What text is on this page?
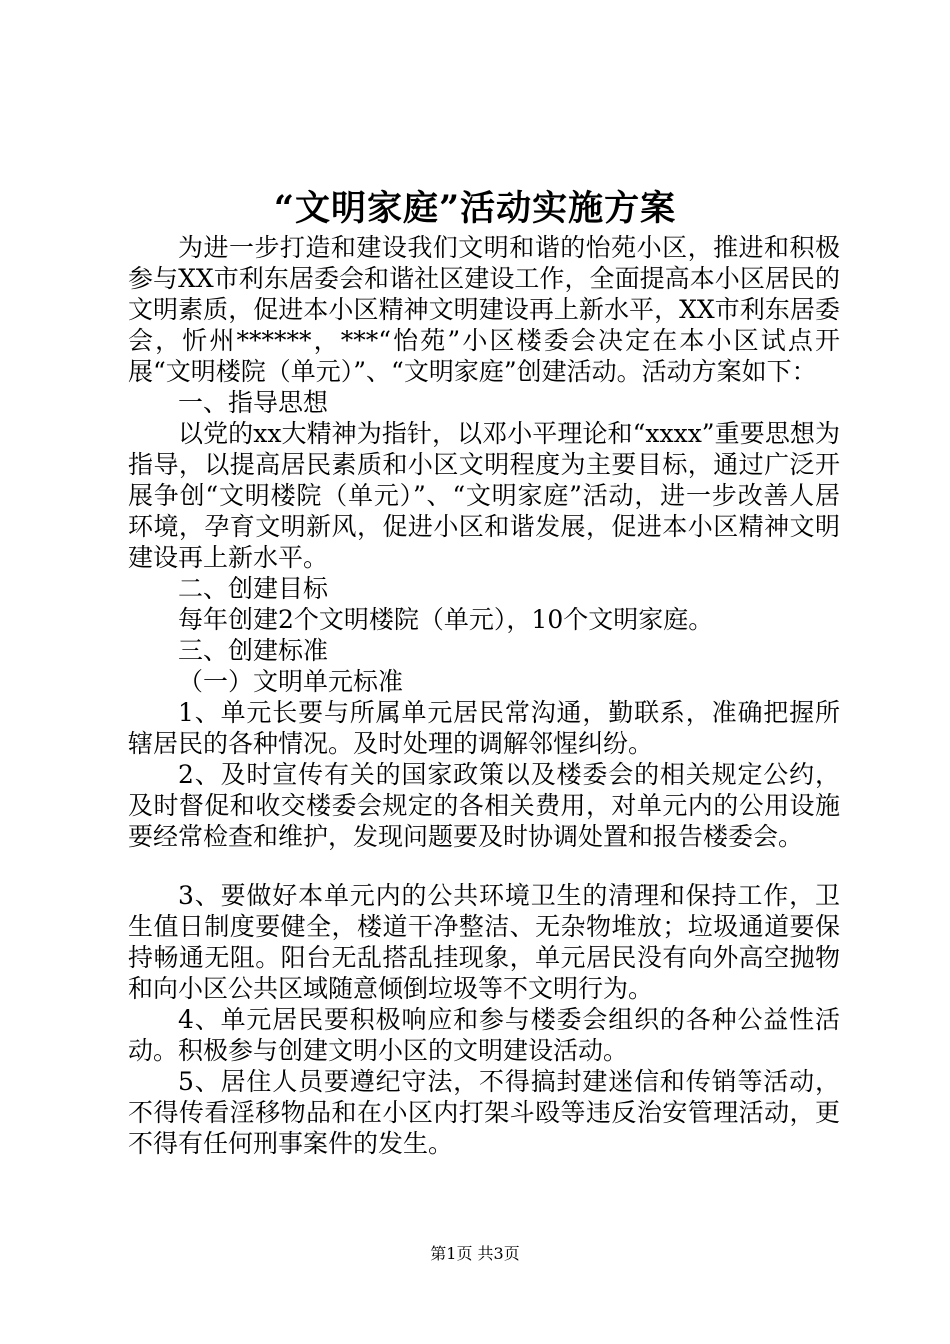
“文明家庭”活动实施方案

为进一步打造和建设我们文明和谐的怡苑小区，推进和积极参与XX市利东居委会和谐社区建设工作，全面提高本小区居民的文明素质，促进本小区精神文明建设再上新水平，XX市利东居委会，忻州******，***“怡苑”小区楼委会决定在本小区试点开展“文明楼院（单元）”、“文明家庭”创建活动。活动方案如下：

一、指导思想

以党的xx大精神为指针，以邓小平理论和“xxxx”重要思想为指导，以提高居民素质和小区文明程度为主要目标，通过广泛开展争创“文明楼院（单元）”、“文明家庭”活动，进一步改善人居环境，孕育文明新风，促进小区和谐发展，促进本小区精神文明建设再上新水平。

二、创建目标

每年创建2个文明楼院（单元），10个文明家庭。

三、创建标准

（一）文明单元标准

1、单元长要与所属单元居民常沟通，勤联系，准确把握所辖居民的各种情况。及时处理的调解邻惺纠纷。

2、及时宣传有关的国家政策以及楼委会的相关规定公约，及时督促和收交楼委会规定的各相关费用，对单元内的公用设施要经常检查和维护，发现问题要及时协调处置和报告楼委会。

3、要做好本单元内的公共环境卫生的清理和保持工作，卫生值日制度要健全，楼道干净整洁、无杂物堆放；垃圾通道要保持畅通无阻。阳台无乱搭乱挂现象，单元居民没有向外高空抛物和向小区公共区域随意倾倒垃圾等不文明行为。

4、单元居民要积极响应和参与楼委会组织的各种公益性活动。积极参与创建文明小区的文明建设活动。

5、居住人员要遵纪守法，不得搞封建迷信和传销等活动，不得传看淫移物品和在小区内打架斗殴等违反治安管理活动，更不得有任何刑事案件的发生。

第1页 共3页
